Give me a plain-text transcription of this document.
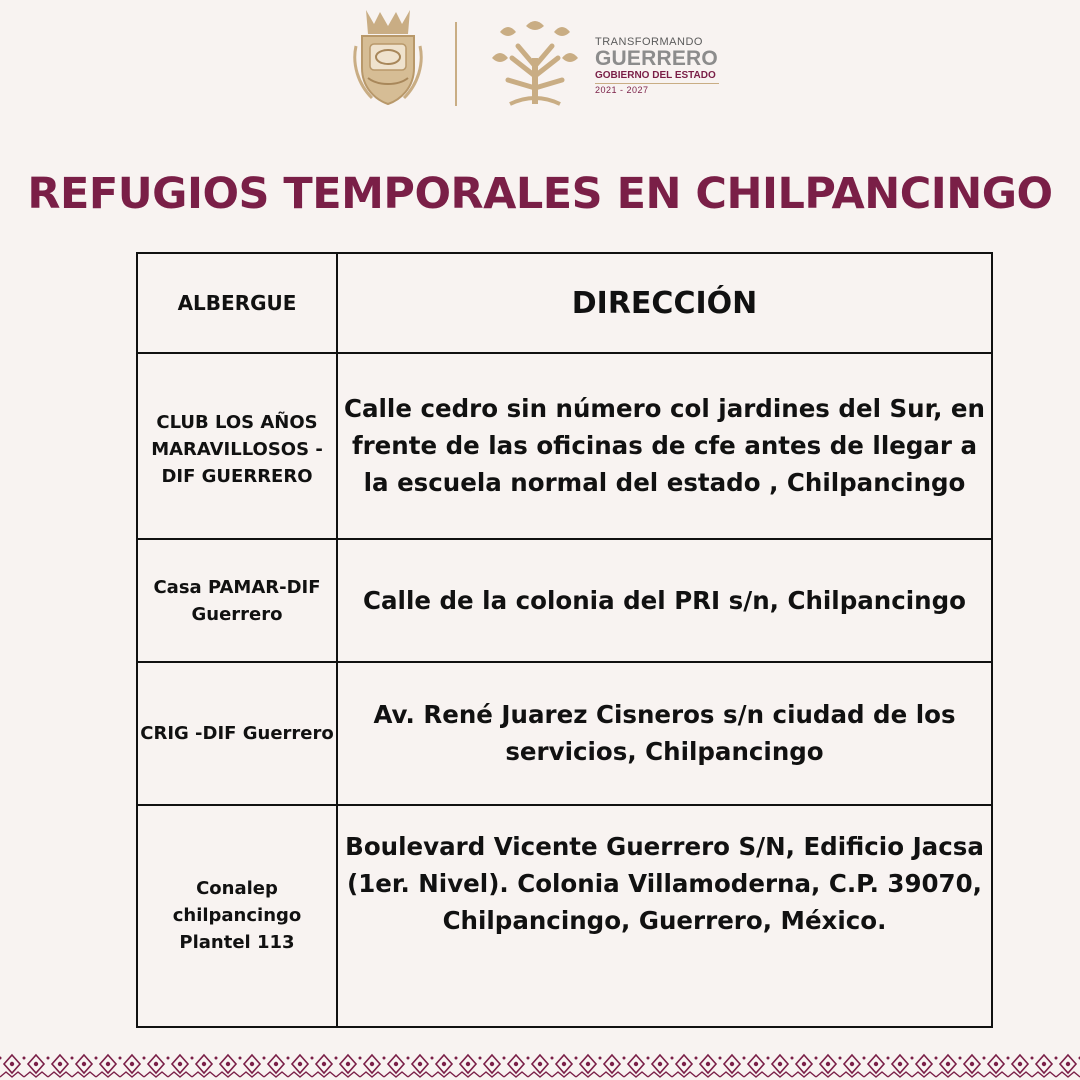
TRANSFORMANDO
GUERRERO
GOBIERNO DEL ESTADO
2021 - 2027
REFUGIOS TEMPORALES EN CHILPANCINGO
ALBERGUE	DIRECCIÓN
CLUB LOS AÑOS MARAVILLOSOS - DIF GUERRERO	Calle cedro sin número col jardines del Sur, en frente de las oficinas de cfe antes de llegar a la escuela normal del estado , Chilpancingo
Casa PAMAR-DIF Guerrero	Calle de la colonia del PRI s/n, Chilpancingo
CRIG -DIF Guerrero	Av. René Juarez Cisneros s/n ciudad de los servicios, Chilpancingo
Conalep chilpancingo Plantel 113	Boulevard Vicente Guerrero S/N, Edificio Jacsa (1er. Nivel). Colonia Villamoderna, C.P. 39070, Chilpancingo, Guerrero, México.
